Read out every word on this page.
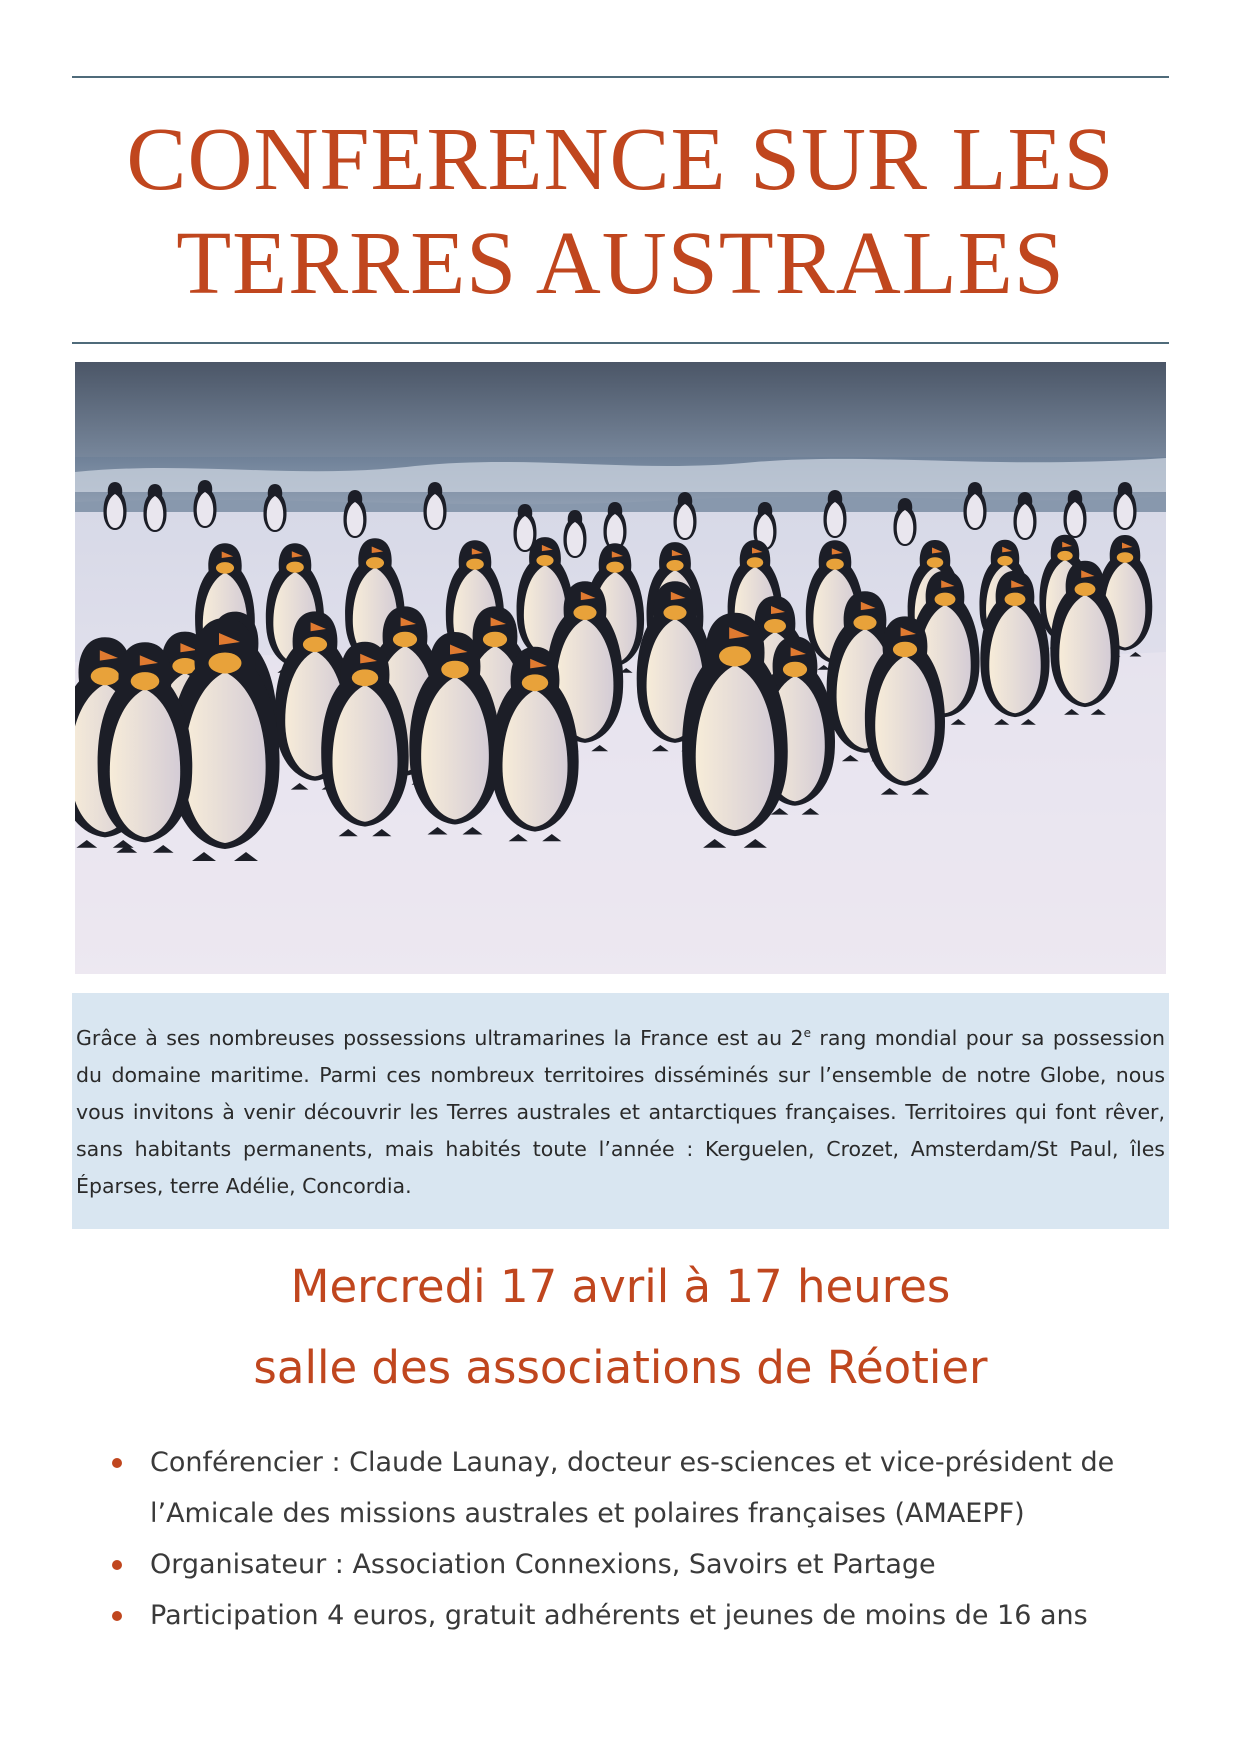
CONFERENCE SUR LES
TERRES AUSTRALES
Grâce à ses nombreuses possessions ultramarines la France est au 2e rang mondial pour sa possession du domaine maritime. Parmi ces nombreux territoires disséminés sur l’ensemble de notre Globe, nous vous invitons à venir découvrir les Terres australes et antarctiques françaises. Territoires qui font rêver, sans habitants permanents, mais habités toute l’année : Kerguelen, Crozet, Amsterdam/St Paul, îles Éparses, terre Adélie, Concordia.
Mercredi 17 avril à 17 heures
salle des associations de Réotier
Conférencier : Claude Launay, docteur es-sciences et vice-président de l’Amicale des missions australes et polaires françaises (AMAEPF)
Organisateur : Association Connexions, Savoirs et Partage
Participation 4 euros, gratuit adhérents et jeunes de moins de 16 ans
